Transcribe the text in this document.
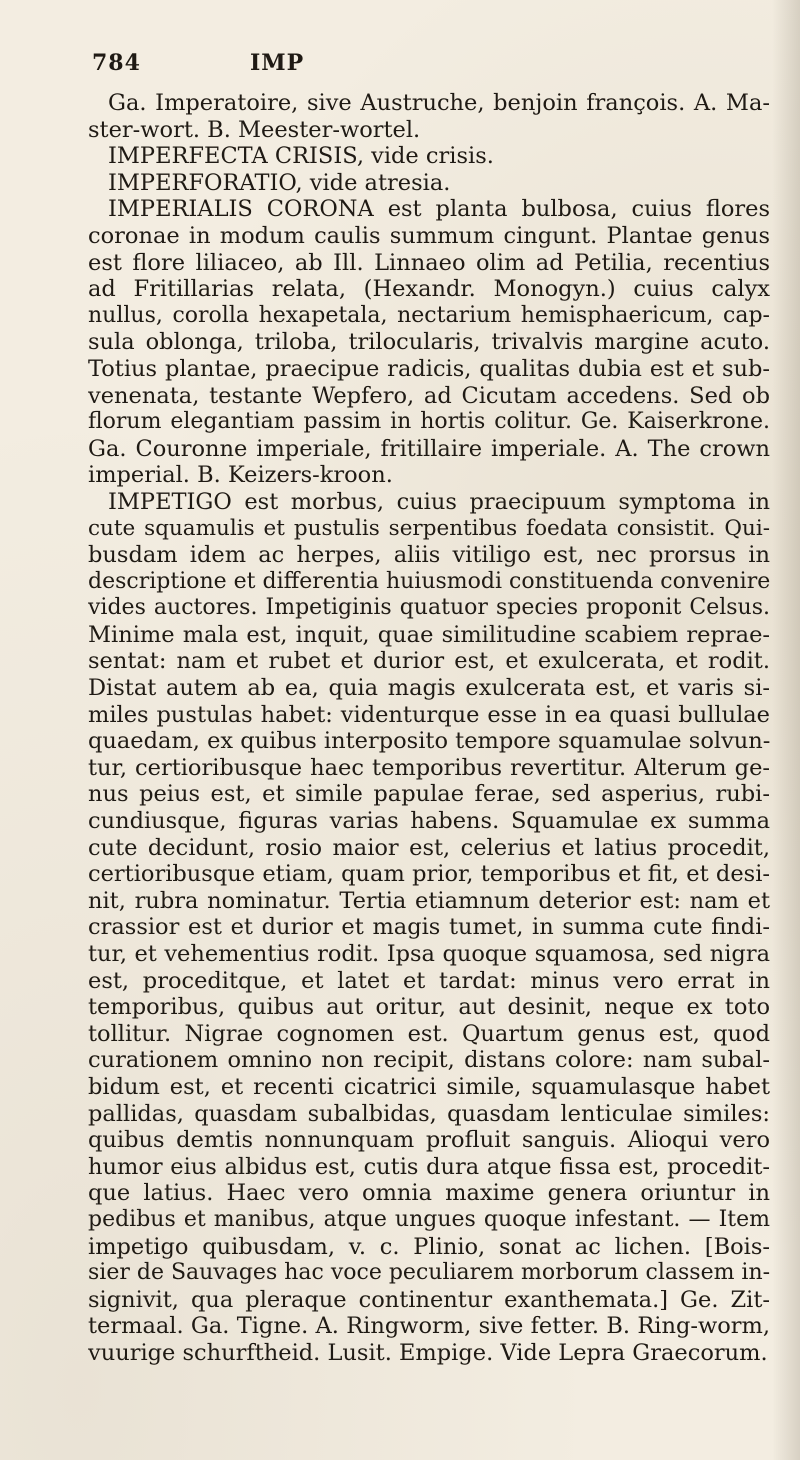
784	IMP
Ga. Imperatoire, sive Austruche, benjoin françois. A. Ma-
ster-wort. B. Meester-wortel.
IMPERFECTA CRISIS, vide crisis.
IMPERFORATIO, vide atresia.
IMPERIALIS CORONA est planta bulbosa, cuius flores
coronae in modum caulis summum cingunt. Plantae genus
est flore liliaceo, ab Ill. Linnaeo olim ad Petilia, recentius
ad Fritillarias relata, (Hexandr. Monogyn.) cuius calyx
nullus, corolla hexapetala, nectarium hemisphaericum, cap-
sula oblonga, triloba, trilocularis, trivalvis margine acuto.
Totius plantae, praecipue radicis, qualitas dubia est et sub-
venenata, testante Wepfero, ad Cicutam accedens. Sed ob
florum elegantiam passim in hortis colitur. Ge. Kaiserkrone.
Ga. Couronne imperiale, fritillaire imperiale. A. The crown
imperial. B. Keizers-kroon.
IMPETIGO est morbus, cuius praecipuum symptoma in
cute squamulis et pustulis serpentibus foedata consistit. Qui-
busdam idem ac herpes, aliis vitiligo est, nec prorsus in
descriptione et differentia huiusmodi constituenda convenire
vides auctores. Impetiginis quatuor species proponit Celsus.
Minime mala est, inquit, quae similitudine scabiem reprae-
sentat: nam et rubet et durior est, et exulcerata, et rodit.
Distat autem ab ea, quia magis exulcerata est, et varis si-
miles pustulas habet: videnturque esse in ea quasi bullulae
quaedam, ex quibus interposito tempore squamulae solvun-
tur, certioribusque haec temporibus revertitur. Alterum ge-
nus peius est, et simile papulae ferae, sed asperius, rubi-
cundiusque, figuras varias habens. Squamulae ex summa
cute decidunt, rosio maior est, celerius et latius procedit,
certioribusque etiam, quam prior, temporibus et fit, et desi-
nit, rubra nominatur. Tertia etiamnum deterior est: nam et
crassior est et durior et magis tumet, in summa cute findi-
tur, et vehementius rodit. Ipsa quoque squamosa, sed nigra
est, proceditque, et latet et tardat: minus vero errat in
temporibus, quibus aut oritur, aut desinit, neque ex toto
tollitur. Nigrae cognomen est. Quartum genus est, quod
curationem omnino non recipit, distans colore: nam subal-
bidum est, et recenti cicatrici simile, squamulasque habet
pallidas, quasdam subalbidas, quasdam lenticulae similes:
quibus demtis nonnunquam profluit sanguis. Alioqui vero
humor eius albidus est, cutis dura atque fissa est, procedit-
que latius. Haec vero omnia maxime genera oriuntur in
pedibus et manibus, atque ungues quoque infestant. — Item
impetigo quibusdam, v. c. Plinio, sonat ac lichen. [Bois-
sier de Sauvages hac voce peculiarem morborum classem in-
signivit, qua pleraque continentur exanthemata.] Ge. Zit-
termaal. Ga. Tigne. A. Ringworm, sive fetter. B. Ring-worm,
vuurige schurftheid. Lusit. Empige. Vide Lepra Graecorum.
